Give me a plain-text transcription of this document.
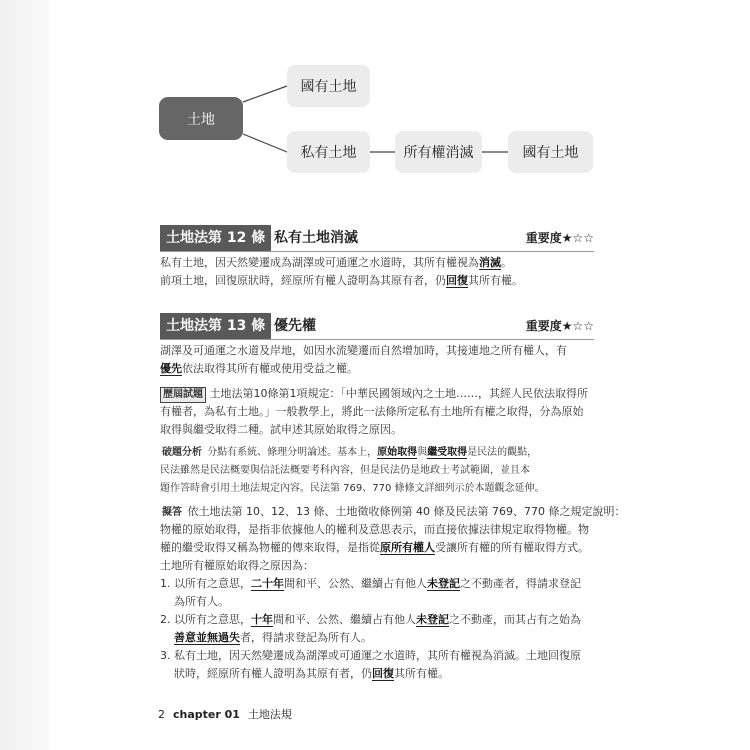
土地
國有土地
私有土地	所有權消滅	國有土地
土地法第 12 條 私有土地消滅	重要度★☆☆
私有土地，因天然變遷成為湖澤或可通運之水道時，其所有權視為消滅。
前項土地，回復原狀時，經原所有權人證明為其原有者，仍回復其所有權。
土地法第 13 條 優先權	重要度★☆☆
湖澤及可通運之水道及岸地，如因水流變遷而自然增加時，其接連地之所有權人，有
優先依法取得其所有權或使用受益之權。
歷屆試題 土地法第10條第1項規定：「中華民國領域內之土地……，其經人民依法取得所
有權者，為私有土地。」一般教學上，將此一法條所定私有土地所有權之取得，分為原始
取得與繼受取得二種。試申述其原始取得之原因。
破題分析 分點有系統、條理分明論述。基本上，原始取得與繼受取得是民法的觀點，
民法雖然是民法概要與信託法概要考科內容，但是民法仍是地政士考試範圍，並且本
題作答時會引用土地法規定內容。民法第 769、770 條條文詳細列示於本題觀念延伸。
擬答 依土地法第 10、12、13 條、土地徵收條例第 40 條及民法第 769、770 條之規定說明：
物權的原始取得，是指非依據他人的權利及意思表示，而直接依據法律規定取得物權。物
權的繼受取得又稱為物權的傳來取得，是指從原所有權人受讓所有權的所有權取得方式。
土地所有權原始取得之原因為：
1. 以所有之意思，二十年間和平、公然、繼續占有他人未登記之不動產者，得請求登記
為所有人。
2. 以所有之意思，十年間和平、公然、繼續占有他人未登記之不動產，而其占有之始為
善意並無過失者，得請求登記為所有人。
3. 私有土地，因天然變遷成為湖澤或可通運之水道時，其所有權視為消滅。土地回復原
狀時，經原所有權人證明為其原有者，仍回復其所有權。
2 chapter 01 土地法規
